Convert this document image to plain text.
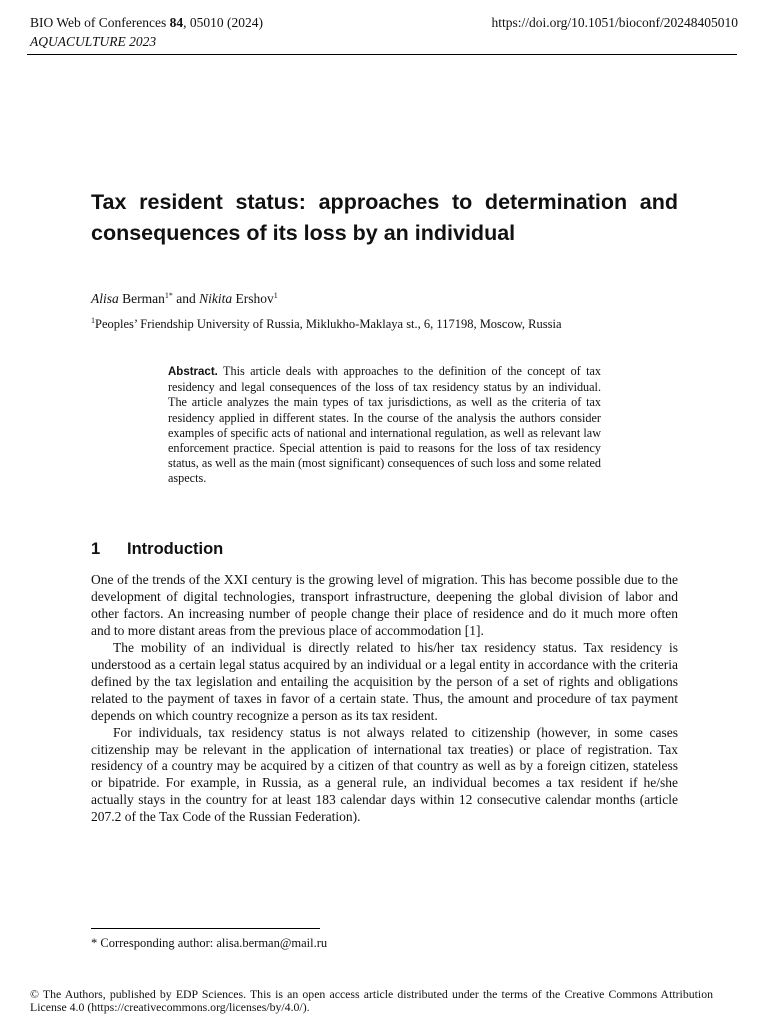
BIO Web of Conferences 84, 05010 (2024)	https://doi.org/10.1051/bioconf/20248405010
AQUACULTURE 2023
Tax resident status: approaches to determination and consequences of its loss by an individual
Alisa Berman$^{1*}$ and Nikita Ershov$^1$
$^1$Peoples’ Friendship University of Russia, Miklukho-Maklaya st., 6, 117198, Moscow, Russia
Abstract. This article deals with approaches to the definition of the concept of tax residency and legal consequences of the loss of tax residency status by an individual. The article analyzes the main types of tax jurisdictions, as well as the criteria of tax residency applied in different states. In the course of the analysis the authors consider examples of specific acts of national and international regulation, as well as relevant law enforcement practice. Special attention is paid to reasons for the loss of tax residency status, as well as the main (most significant) consequences of such loss and some related aspects.
1 Introduction

One of the trends of the XXI century is the growing level of migration. This has become possible due to the development of digital technologies, transport infrastructure, deepening the global division of labor and other factors. An increasing number of people change their place of residence and do it much more often and to more distant areas from the previous place of accommodation [1].

The mobility of an individual is directly related to his/her tax residency status. Tax residency is understood as a certain legal status acquired by an individual or a legal entity in accordance with the criteria defined by the tax legislation and entailing the acquisition by the person of a set of rights and obligations related to the payment of taxes in favor of a certain state. Thus, the amount and procedure of tax payment depends on which country recognize a person as its tax resident.

For individuals, tax residency status is not always related to citizenship (however, in some cases citizenship may be relevant in the application of international tax treaties) or place of registration. Tax residency of a country may be acquired by a citizen of that country as well as by a foreign citizen, stateless or bipatride. For example, in Russia, as a general rule, an individual becomes a tax resident if he/she actually stays in the country for at least 183 calendar days within 12 consecutive calendar months (article 207.2 of the Tax Code of the Russian Federation).

* Corresponding author: alisa.berman@mail.ru
© The Authors, published by EDP Sciences. This is an open access article distributed under the terms of the Creative Commons Attribution License 4.0 (https://creativecommons.org/licenses/by/4.0/).
